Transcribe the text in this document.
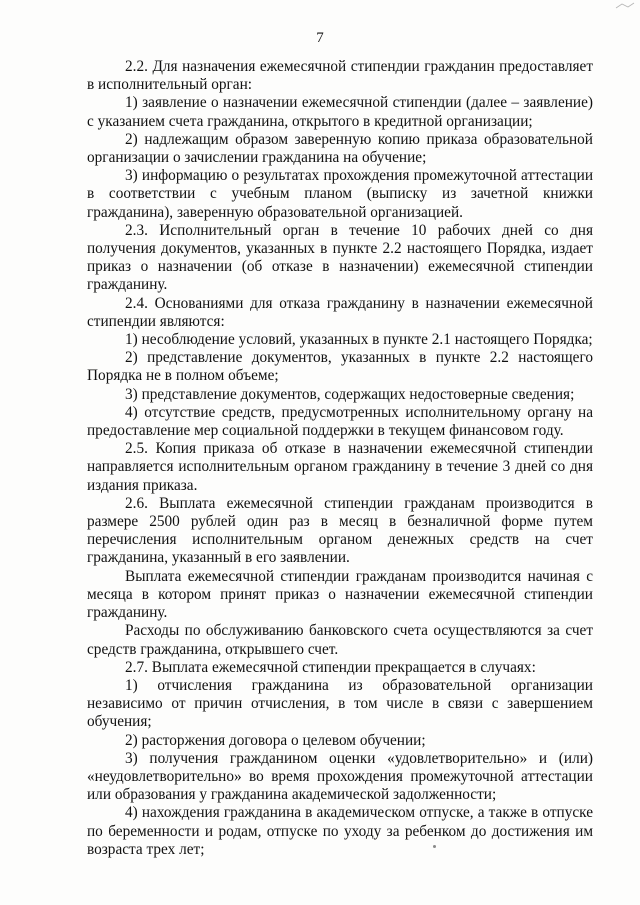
7

2.2. Для назначения ежемесячной стипендии гражданин предоставляет в исполнительный орган:

1) заявление о назначении ежемесячной стипендии (далее – заявление) с указанием счета гражданина, открытого в кредитной организации;

2) надлежащим образом заверенную копию приказа образовательной организации о зачислении гражданина на обучение;

3) информацию о результатах прохождения промежуточной аттестации в соответствии с учебным планом (выписку из зачетной книжки гражданина), заверенную образовательной организацией.

2.3. Исполнительный орган в течение 10 рабочих дней со дня получения документов, указанных в пункте 2.2 настоящего Порядка, издает приказ о назначении (об отказе в назначении) ежемесячной стипендии гражданину.

2.4. Основаниями для отказа гражданину в назначении ежемесячной стипендии являются:

1) несоблюдение условий, указанных в пункте 2.1 настоящего Порядка;

2) представление документов, указанных в пункте 2.2 настоящего Порядка не в полном объеме;

3) представление документов, содержащих недостоверные сведения;

4) отсутствие средств, предусмотренных исполнительному органу на предоставление мер социальной поддержки в текущем финансовом году.

2.5. Копия приказа об отказе в назначении ежемесячной стипендии направляется исполнительным органом гражданину в течение 3 дней со дня издания приказа.

2.6. Выплата ежемесячной стипендии гражданам производится в размере 2500 рублей один раз в месяц в безналичной форме путем перечисления исполнительным органом денежных средств на счет гражданина, указанный в его заявлении.

Выплата ежемесячной стипендии гражданам производится начиная с месяца в котором принят приказ о назначении ежемесячной стипендии гражданину.

Расходы по обслуживанию банковского счета осуществляются за счет средств гражданина, открывшего счет.

2.7. Выплата ежемесячной стипендии прекращается в случаях:

1) отчисления гражданина из образовательной организации независимо от причин отчисления, в том числе в связи с завершением обучения;

2) расторжения договора о целевом обучении;

3) получения гражданином оценки «удовлетворительно» и (или) «неудовлетворительно» во время прохождения промежуточной аттестации или образования у гражданина академической задолженности;

4) нахождения гражданина в академическом отпуске, а также в отпуске по беременности и родам, отпуске по уходу за ребенком до достижения им возраста трех лет;
